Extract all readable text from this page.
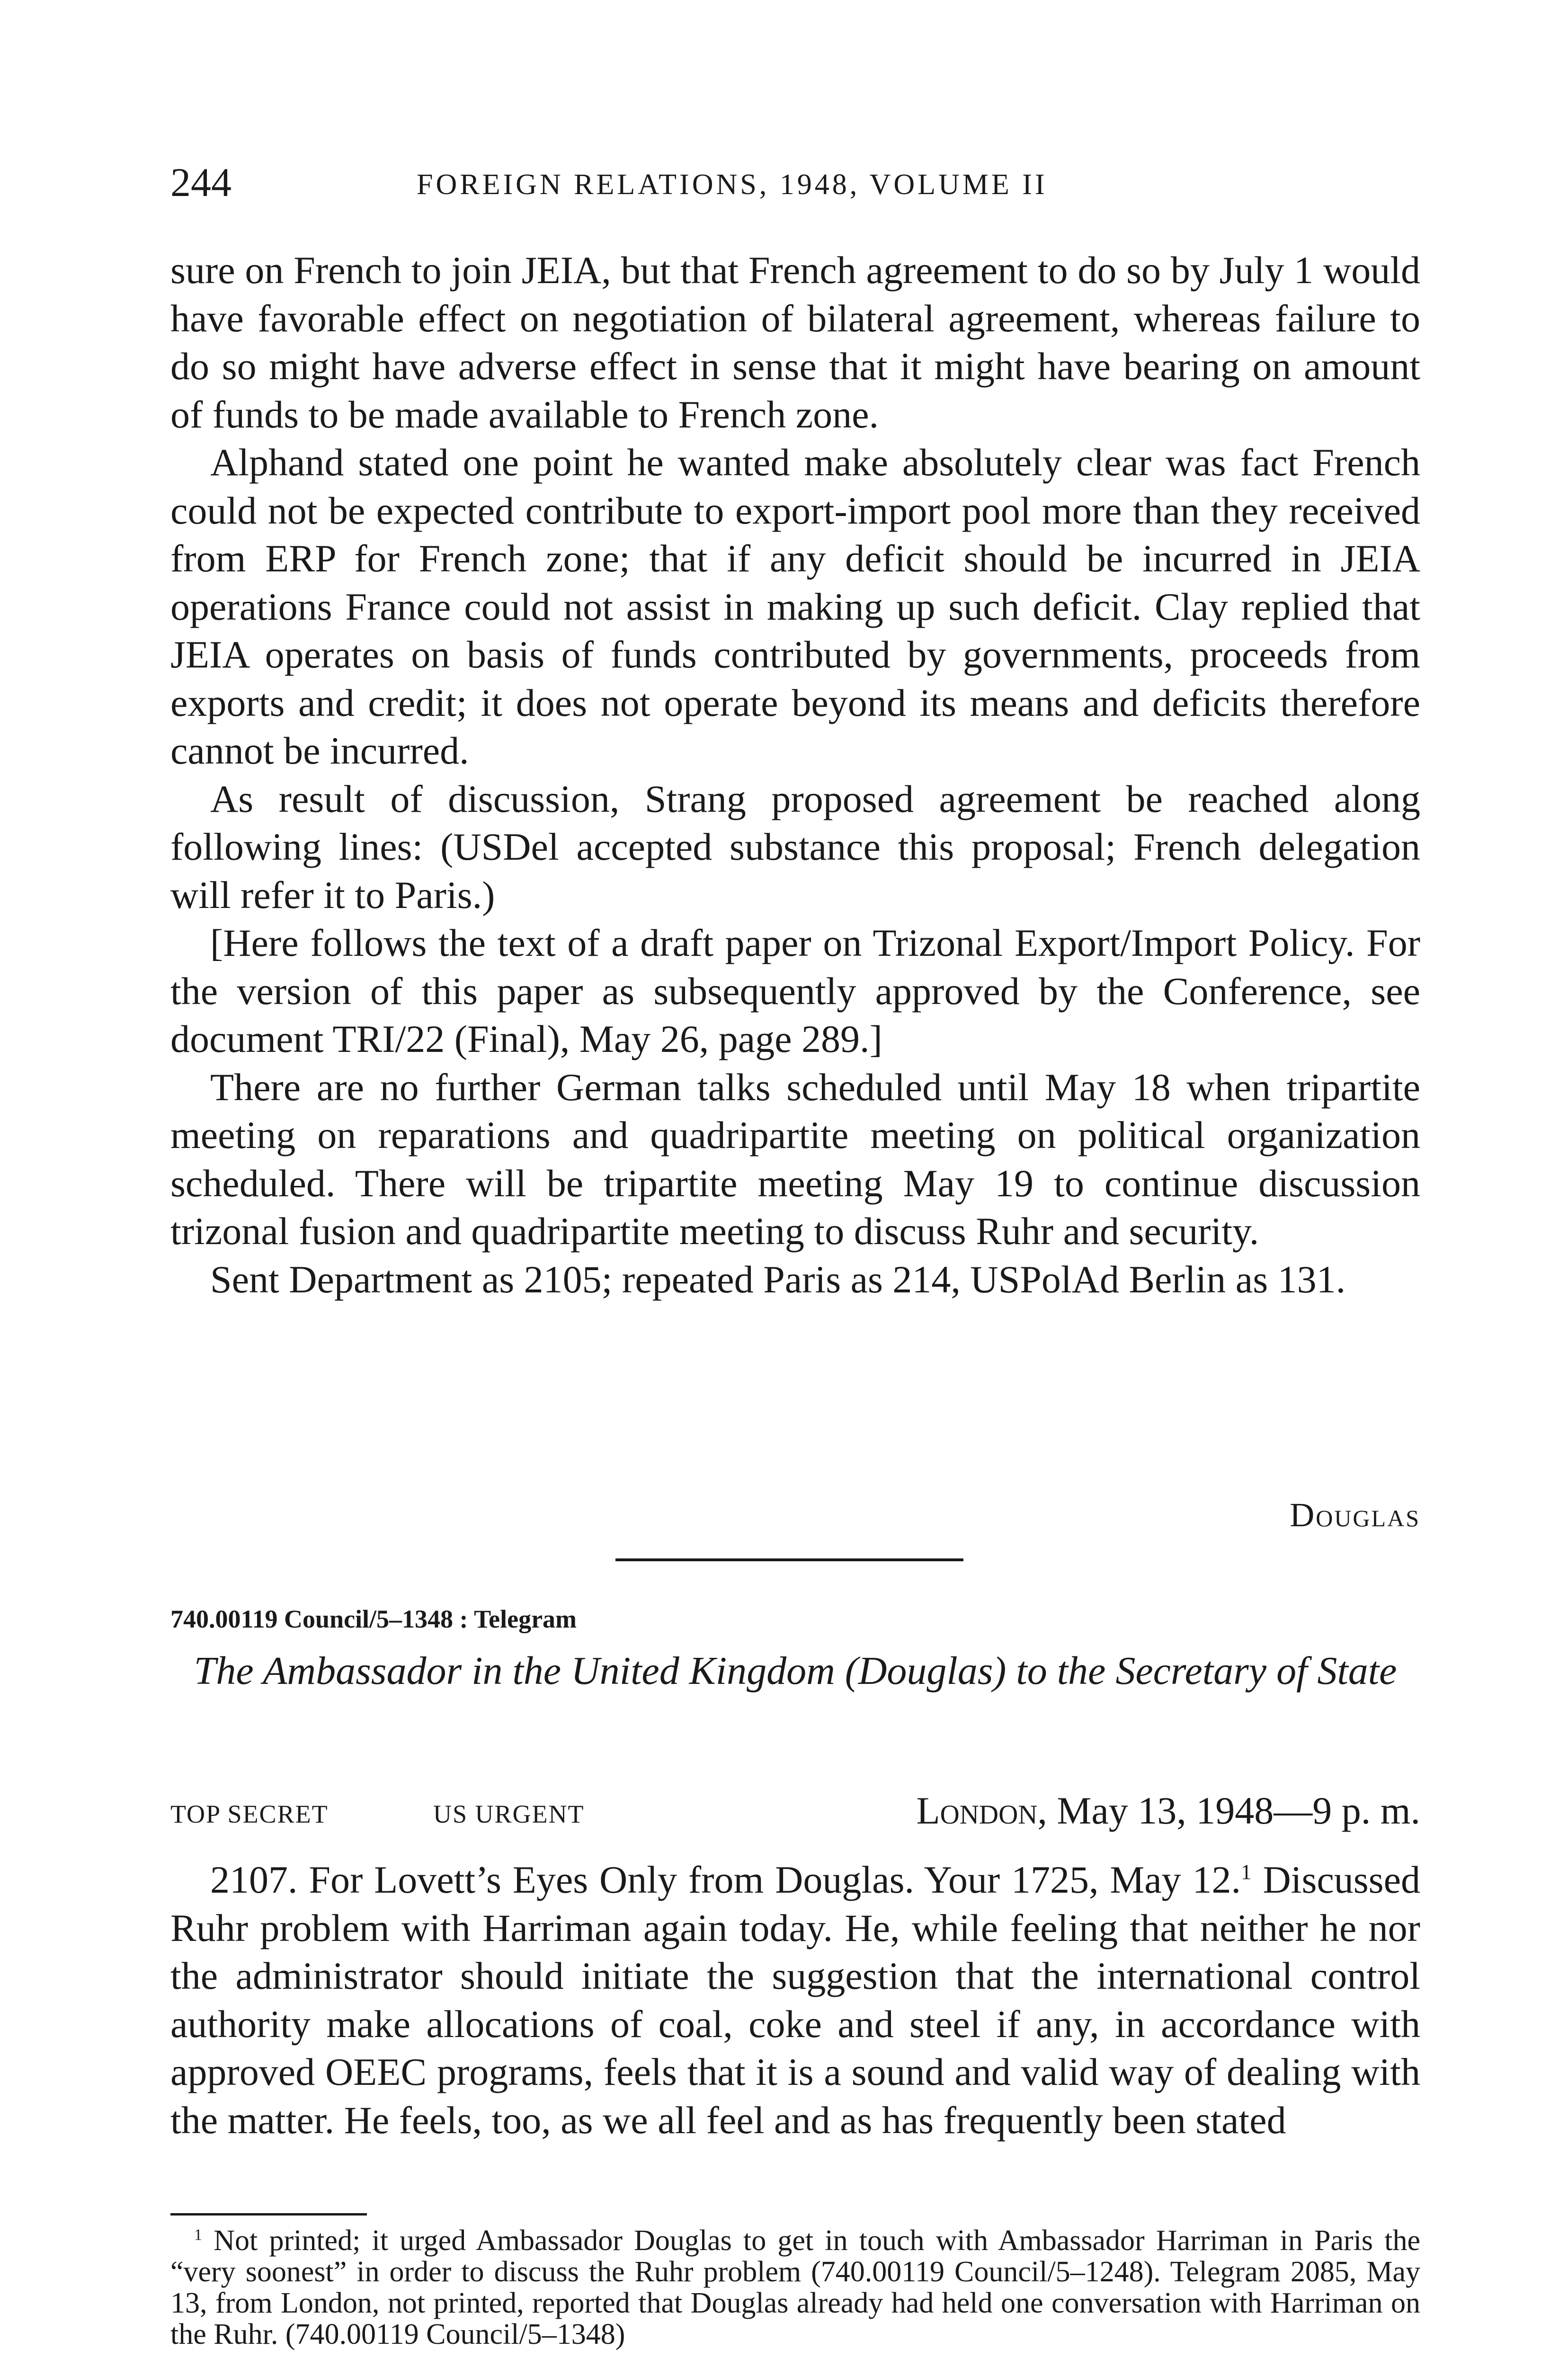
244	FOREIGN RELATIONS, 1948, VOLUME II

sure on French to join JEIA, but that French agreement to do so by July 1 would have favorable effect on negotiation of bilateral agreement, whereas failure to do so might have adverse effect in sense that it might have bearing on amount of funds to be made available to French zone.

Alphand stated one point he wanted make absolutely clear was fact French could not be expected contribute to export-import pool more than they received from ERP for French zone; that if any deficit should be incurred in JEIA operations France could not assist in making up such deficit. Clay replied that JEIA operates on basis of funds contributed by governments, proceeds from exports and credit; it does not operate beyond its means and deficits therefore cannot be incurred.

As result of discussion, Strang proposed agreement be reached along following lines: (USDel accepted substance this proposal; French delegation will refer it to Paris.)

[Here follows the text of a draft paper on Trizonal Export/Import Policy. For the version of this paper as subsequently approved by the Conference, see document TRI/22 (Final), May 26, page 289.]

There are no further German talks scheduled until May 18 when tripartite meeting on reparations and quadripartite meeting on political organization scheduled. There will be tripartite meeting May 19 to continue discussion trizonal fusion and quadripartite meeting to discuss Ruhr and security.

Sent Department as 2105; repeated Paris as 214, USPolAd Berlin as 131.

Douglas
740.00119 Council/5–1348 : Telegram
The Ambassador in the United Kingdom (Douglas) to the Secretary of State
TOP SECRET	US URGENT	London, May 13, 1948—9 p. m.

2107. For Lovett’s Eyes Only from Douglas. Your 1725, May 12.$^1$ Discussed Ruhr problem with Harriman again today. He, while feeling that neither he nor the administrator should initiate the suggestion that the international control authority make allocations of coal, coke and steel if any, in accordance with approved OEEC programs, feels that it is a sound and valid way of dealing with the matter. He feels, too, as we all feel and as has frequently been stated

$^1$ Not printed; it urged Ambassador Douglas to get in touch with Ambassador Harriman in Paris the “very soonest” in order to discuss the Ruhr problem (740.00119 Council/5–1248). Telegram 2085, May 13, from London, not printed, reported that Douglas already had held one conversation with Harriman on the Ruhr. (740.00119 Council/5–1348)
